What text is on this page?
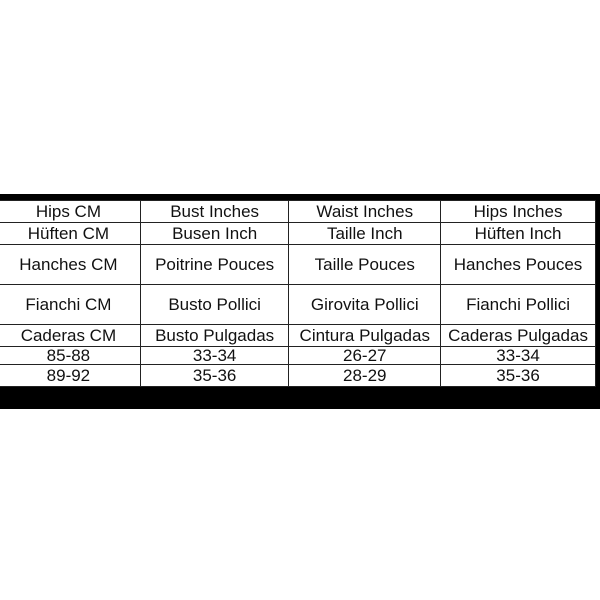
Hips CM	Bust Inches	Waist Inches	Hips Inches
Hüften CM	Busen Inch	Taille Inch	Hüften Inch
Hanches CM	Poitrine Pouces	Taille Pouces	Hanches Pouces
Fianchi CM	Busto Pollici	Girovita Pollici	Fianchi Pollici
Caderas CM	Busto Pulgadas	Cintura Pulgadas	Caderas Pulgadas
85-88	33-34	26-27	33-34
89-92	35-36	28-29	35-36
